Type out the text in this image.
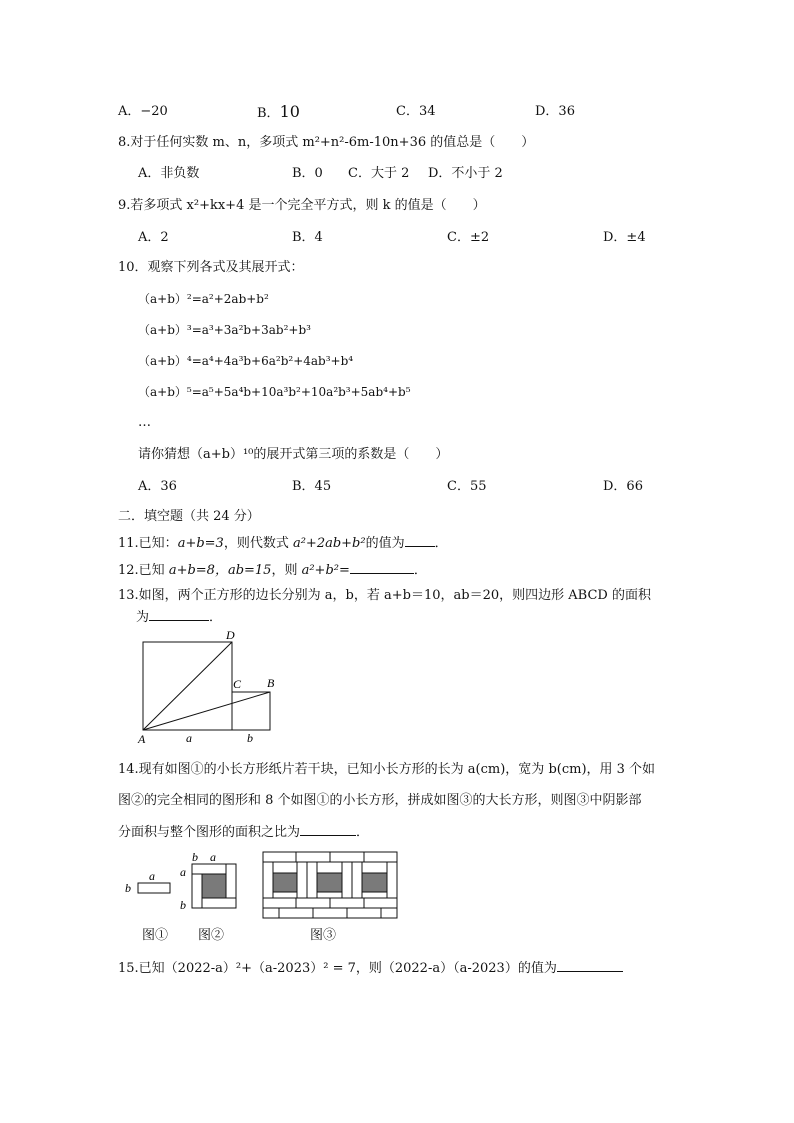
A．−20	B．10	C．34	D．36
8.对于任何实数 m、n，多项式 m²+n²-6m-10n+36 的值总是（　　）
A．非负数	B．0 C．大于 2 D．不小于 2
9.若多项式 x²+kx+4 是一个完全平方式，则 k 的值是（　　）
A．2	B．4	C．±2	D．±4
10．观察下列各式及其展开式：
（a+b）²=a²+2ab+b²
（a+b）³=a³+3a²b+3ab²+b³
（a+b）⁴=a⁴+4a³b+6a²b²+4ab³+b⁴
（a+b）⁵=a⁵+5a⁴b+10a³b²+10a²b³+5ab⁴+b⁵
…
请你猜想（a+b）¹⁰的展开式第三项的系数是（　　）
A．36	B．45	C．55	D．66
二．填空题（共 24 分）
11.已知：a+b=3，则代数式 a²+2ab+b²的值为 ．
12.已知 a+b=8，ab=15，则 a²+b²=	．
13.如图，两个正方形的边长分别为 a，b，若 a+b＝10，ab＝20，则四边形 ABCD 的面积
为	．
D
C B
A	a	b
14.现有如图①的小长方形纸片若干块，已知小长方形的长为 a(cm)，宽为 b(cm)，用 3 个如
图②的完全相同的图形和 8 个如图①的小长方形，拼成如图③的大长方形，则图③中阴影部
分面积与整个图形的面积之比为	．
a
b
b a
a
b
图① 图②	图③
15.已知（2022-a）²+（a-2023）² = 7，则（2022-a）（a-2023）的值为
